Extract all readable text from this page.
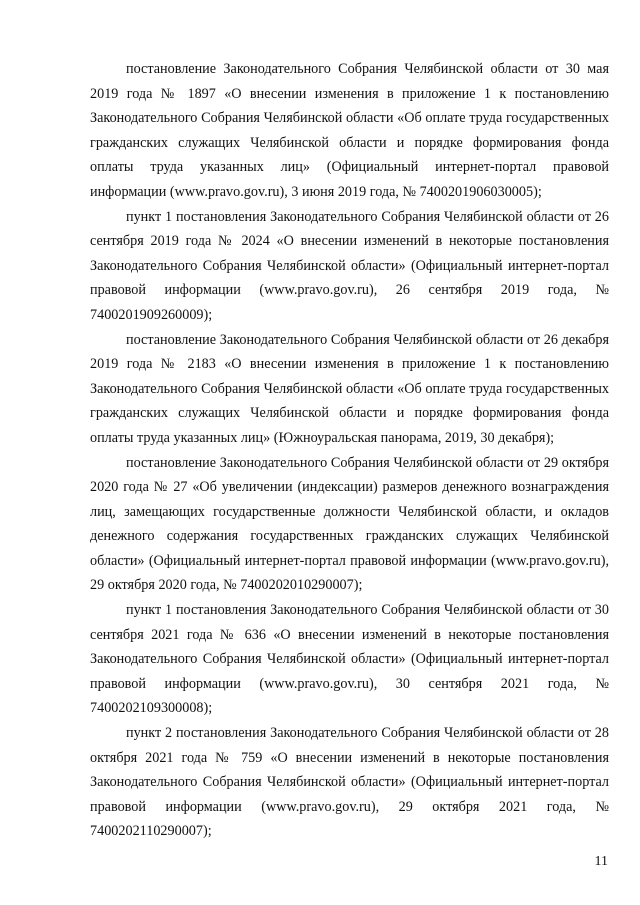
постановление Законодательного Собрания Челябинской области от 30 мая 2019 года № 1897 «О внесении изменения в приложение 1 к постановлению Законодательного Собрания Челябинской области «Об оплате труда государственных гражданских служащих Челябинской области и порядке формирования фонда оплаты труда указанных лиц» (Официальный интернет-портал правовой информации (www.pravo.gov.ru), 3 июня 2019 года, № 7400201906030005);

пункт 1 постановления Законодательного Собрания Челябинской области от 26 сентября 2019 года № 2024 «О внесении изменений в некоторые постановления Законодательного Собрания Челябинской области» (Официальный интернет-портал правовой информации (www.pravo.gov.ru), 26 сентября 2019 года, № 7400201909260009);

постановление Законодательного Собрания Челябинской области от 26 декабря 2019 года № 2183 «О внесении изменения в приложение 1 к постановлению Законодательного Собрания Челябинской области «Об оплате труда государственных гражданских служащих Челябинской области и порядке формирования фонда оплаты труда указанных лиц» (Южноуральская панорама, 2019, 30 декабря);

постановление Законодательного Собрания Челябинской области от 29 октября 2020 года № 27 «Об увеличении (индексации) размеров денежного вознаграждения лиц, замещающих государственные должности Челябинской области, и окладов денежного содержания государственных гражданских служащих Челябинской области» (Официальный интернет-портал правовой информации (www.pravo.gov.ru), 29 октября 2020 года, № 7400202010290007);

пункт 1 постановления Законодательного Собрания Челябинской области от 30 сентября 2021 года № 636 «О внесении изменений в некоторые постановления Законодательного Собрания Челябинской области» (Официальный интернет-портал правовой информации (www.pravo.gov.ru), 30 сентября 2021 года, № 7400202109300008);

пункт 2 постановления Законодательного Собрания Челябинской области от 28 октября 2021 года № 759 «О внесении изменений в некоторые постановления Законодательного Собрания Челябинской области» (Официальный интернет-портал правовой информации (www.pravo.gov.ru), 29 октября 2021 года, № 7400202110290007);

11
